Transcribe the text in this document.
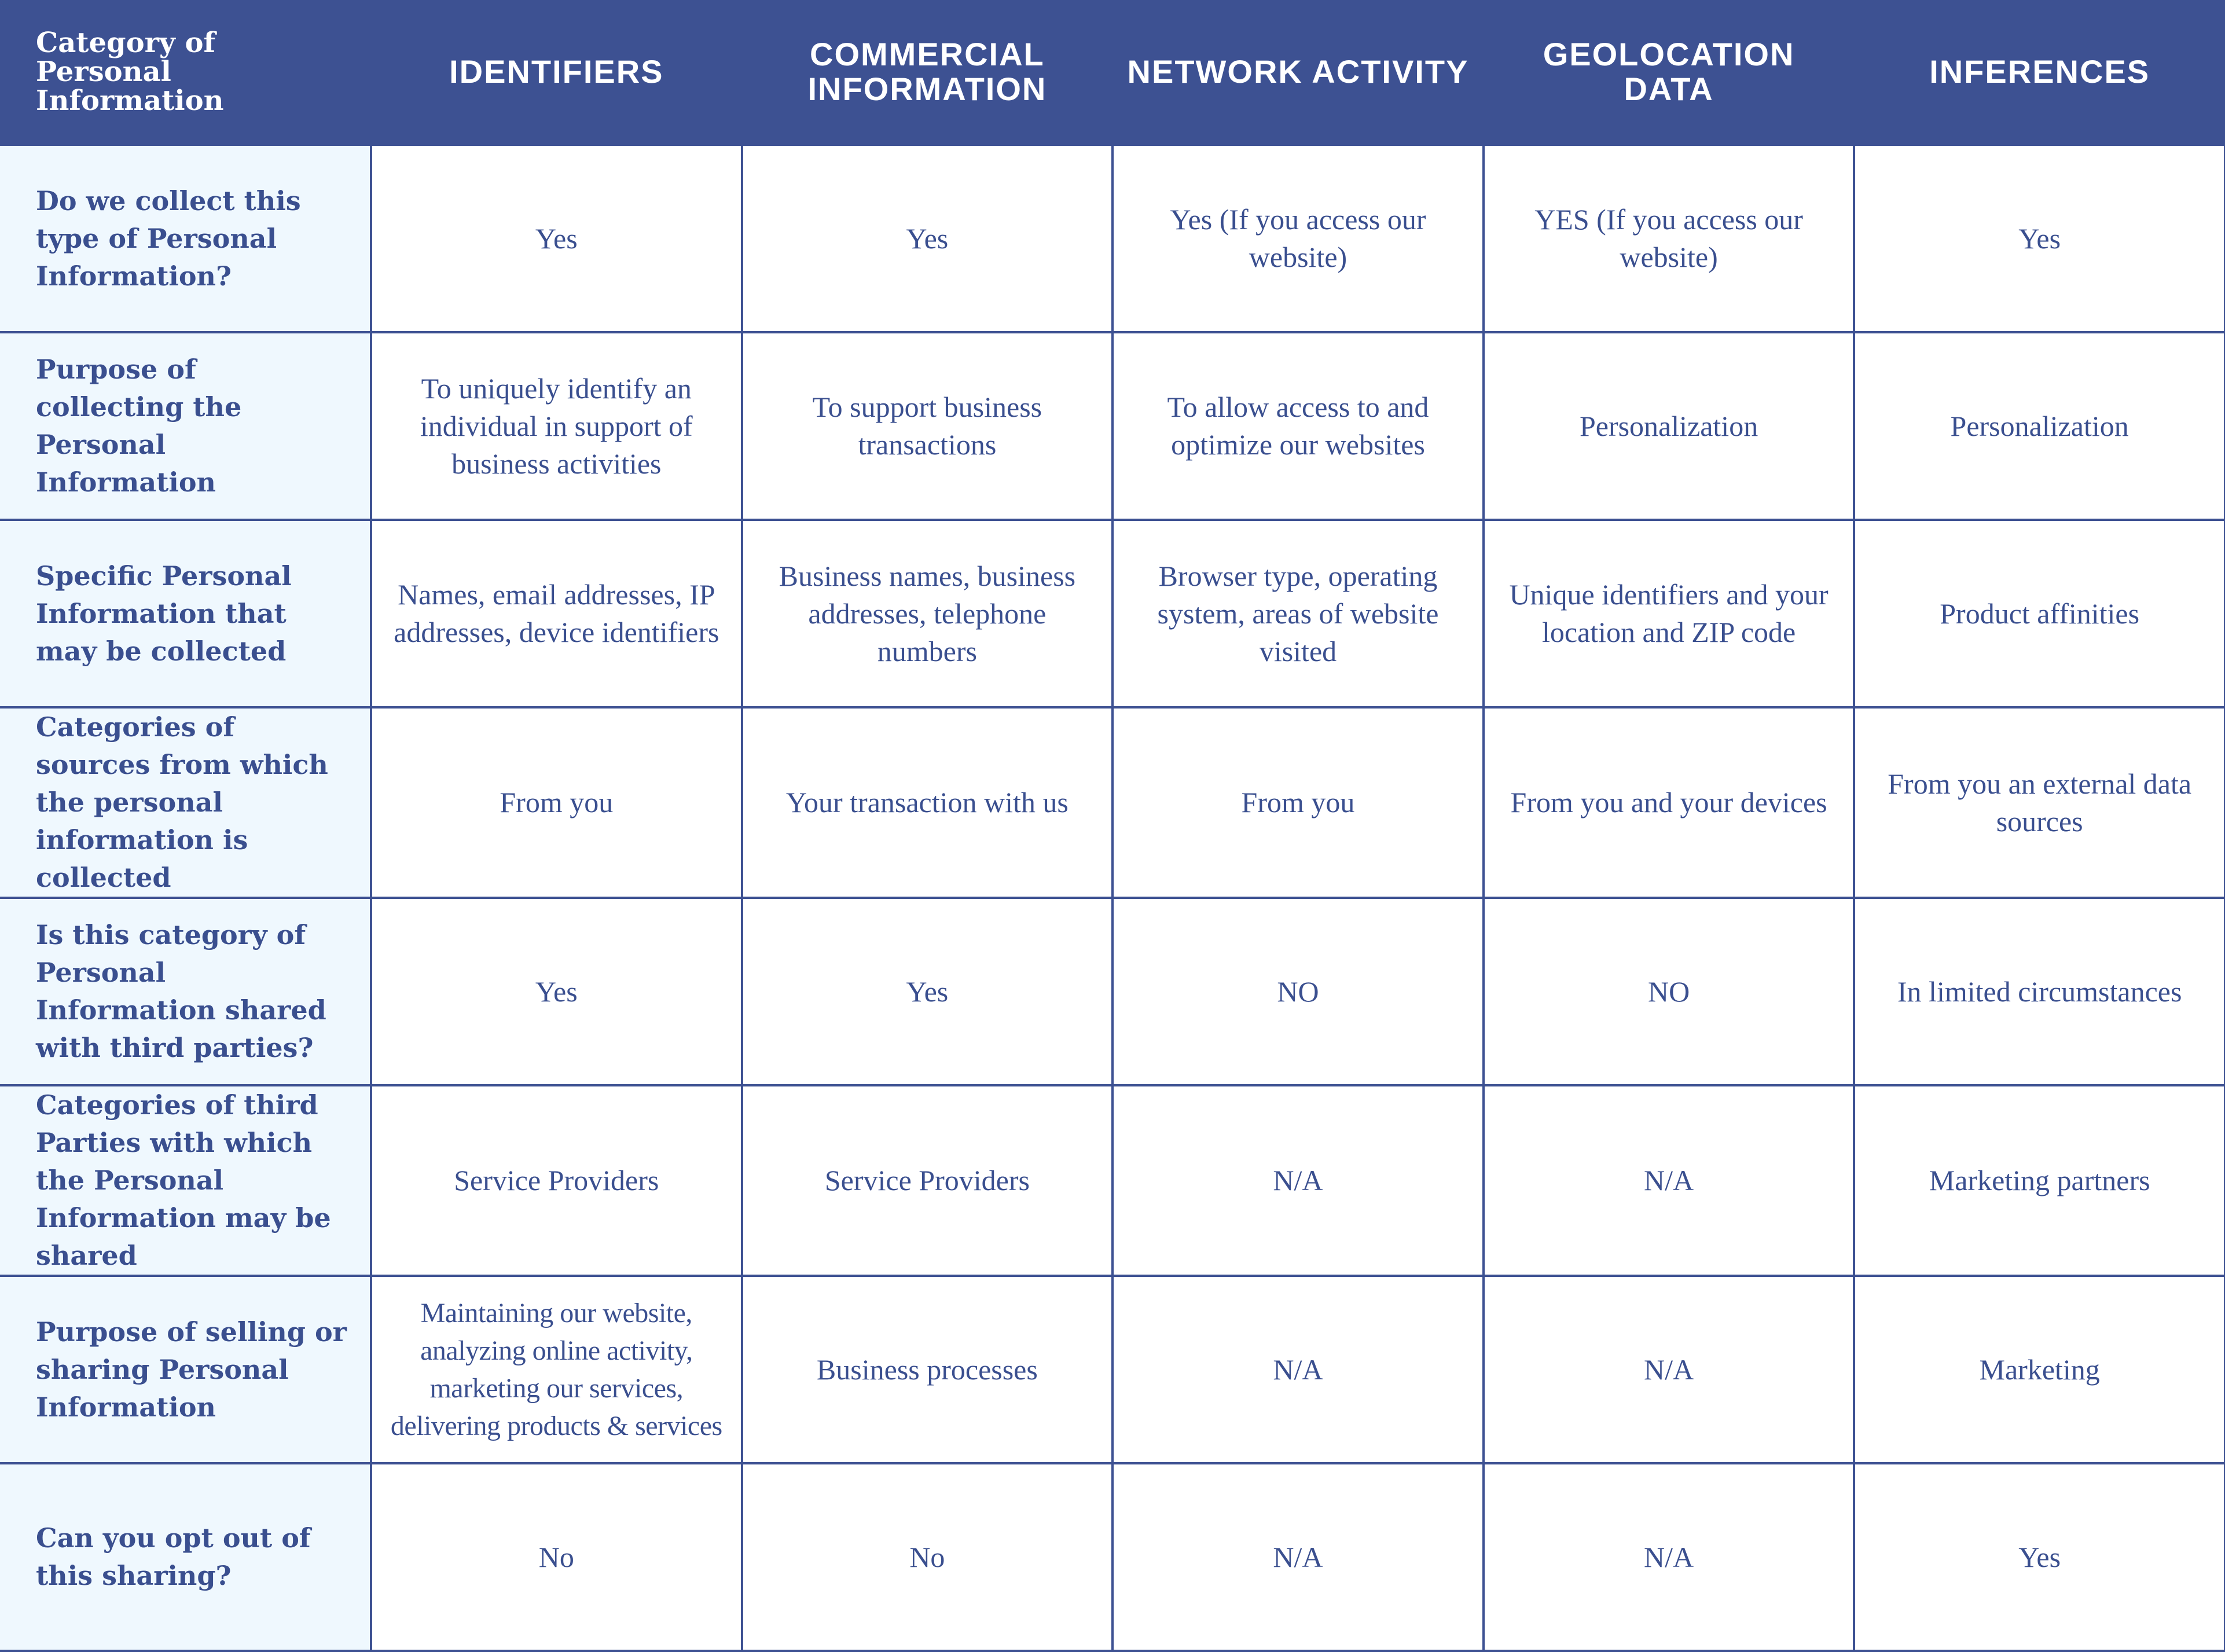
Category of Personal Information	IDENTIFIERS	COMMERCIAL INFORMATION	NETWORK ACTIVITY	GEOLOCATION DATA	INFERENCES
Do we collect this type of Personal Information?	Yes	Yes	Yes (If you access our website)	YES (If you access our website)	Yes
Purpose of collecting the Personal Information	To uniquely identify an individual in support of business activities	To support business transactions	To allow access to and optimize our websites	Personalization	Personalization
Specific Personal Information that may be collected	Names, email addresses, IP addresses, device identifiers	Business names, business addresses, telephone numbers	Browser type, operating system, areas of website visited	Unique identifiers and your location and ZIP code	Product affinities
Categories of sources from which the personal information is collected	From you	Your transaction with us	From you	From you and your devices	From you an external data sources
Is this category of Personal Information shared with third parties?	Yes	Yes	NO	NO	In limited circumstances
Categories of third Parties with which the Personal Information may be shared	Service Providers	Service Providers	N/A	N/A	Marketing partners
Purpose of selling or sharing Personal Information	Maintaining our website, analyzing online activity, marketing our services, delivering products & services	Business processes	N/A	N/A	Marketing
Can you opt out of this sharing?	No	No	N/A	N/A	Yes
